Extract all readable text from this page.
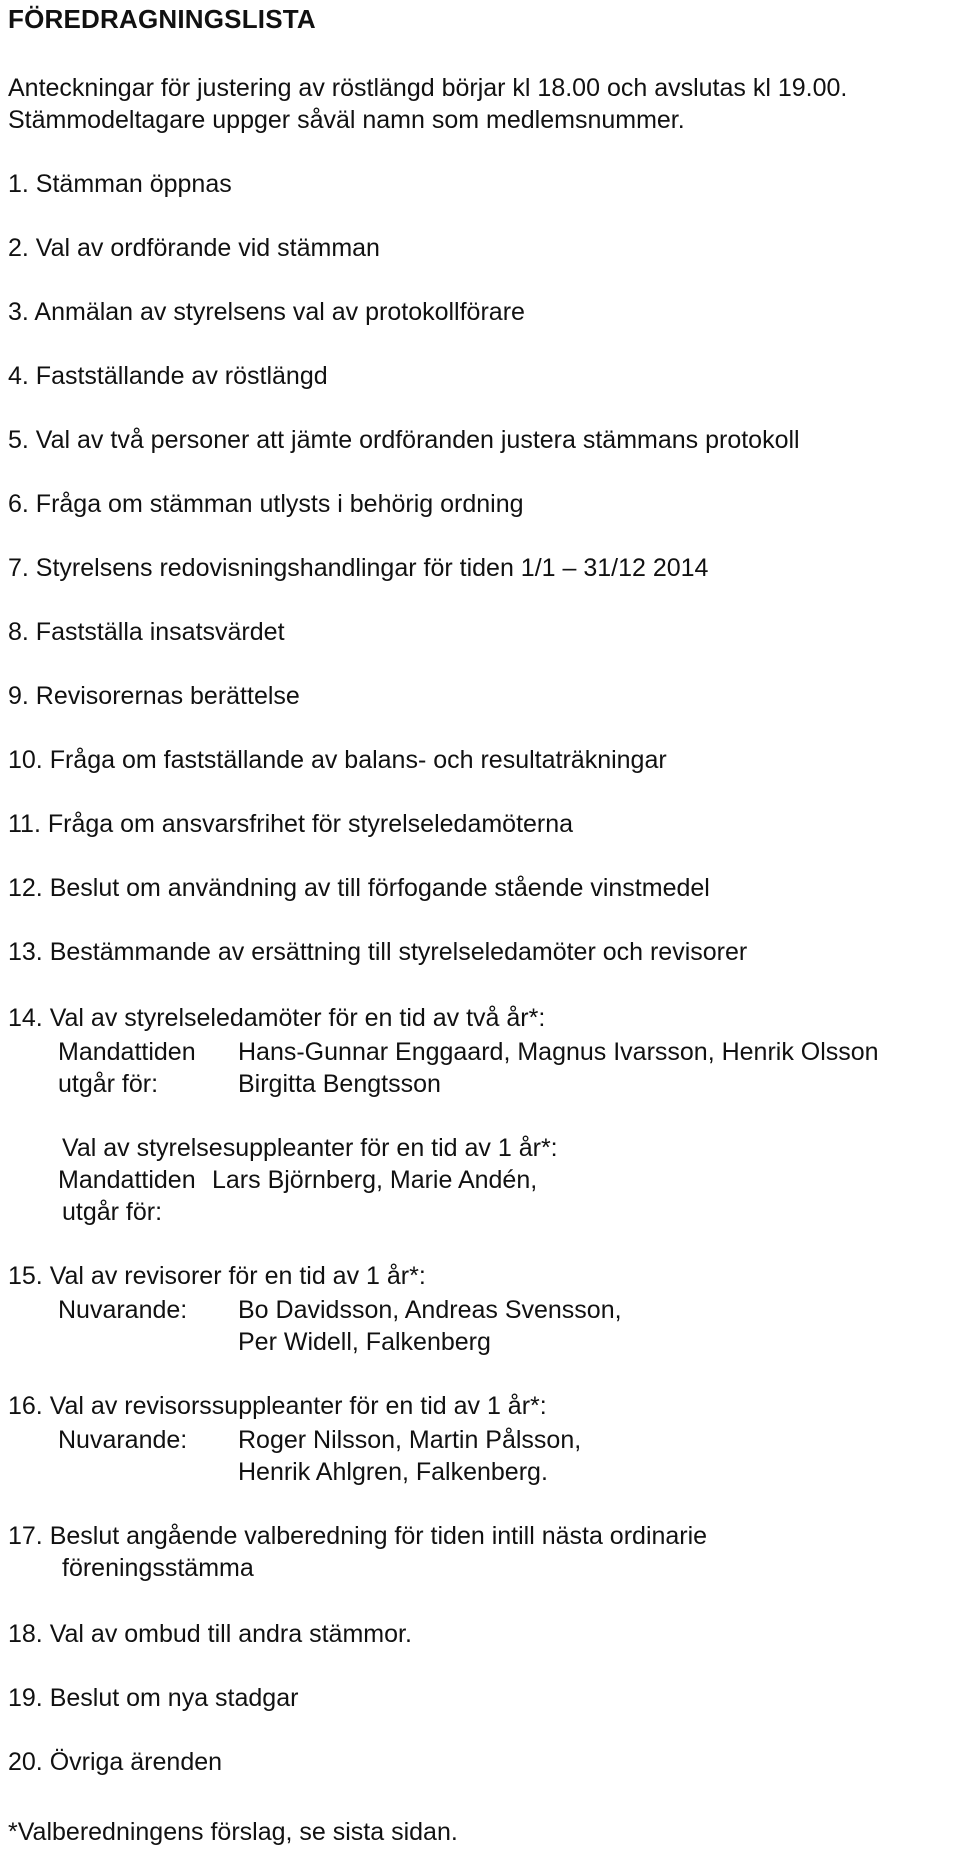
FÖREDRAGNINGSLISTA
Anteckningar för justering av röstlängd börjar kl 18.00 och avslutas kl 19.00.
Stämmodeltagare uppger såväl namn som medlemsnummer.
1. Stämman öppnas
2. Val av ordförande vid stämman
3. Anmälan av styrelsens val av protokollförare
4. Fastställande av röstlängd
5. Val av två personer att jämte ordföranden justera stämmans protokoll
6. Fråga om stämman utlysts i behörig ordning
7. Styrelsens redovisningshandlingar för tiden 1/1 – 31/12 2014
8. Fastställa insatsvärdet
9. Revisorernas berättelse
10. Fråga om fastställande av balans- och resultaträkningar
11. Fråga om ansvarsfrihet för styrelseledamöterna
12. Beslut om användning av till förfogande stående vinstmedel
13. Bestämmande av ersättning till styrelseledamöter och revisorer
14. Val av styrelseledamöter för en tid av två år*:
Mandattiden Hans-Gunnar Enggaard, Magnus Ivarsson, Henrik Olsson
utgår för:	Birgitta Bengtsson
Val av styrelsesuppleanter för en tid av 1 år*:
Mandattiden Lars Björnberg, Marie Andén,
utgår för:
15. Val av revisorer för en tid av 1 år*:
Nuvarande: Bo Davidsson, Andreas Svensson,
Per Widell, Falkenberg
16. Val av revisorssuppleanter för en tid av 1 år*:
Nuvarande: Roger Nilsson, Martin Pålsson,
Henrik Ahlgren, Falkenberg.
17. Beslut angående valberedning för tiden intill nästa ordinarie
föreningsstämma
18. Val av ombud till andra stämmor.
19. Beslut om nya stadgar
20. Övriga ärenden
*Valberedningens förslag, se sista sidan.
